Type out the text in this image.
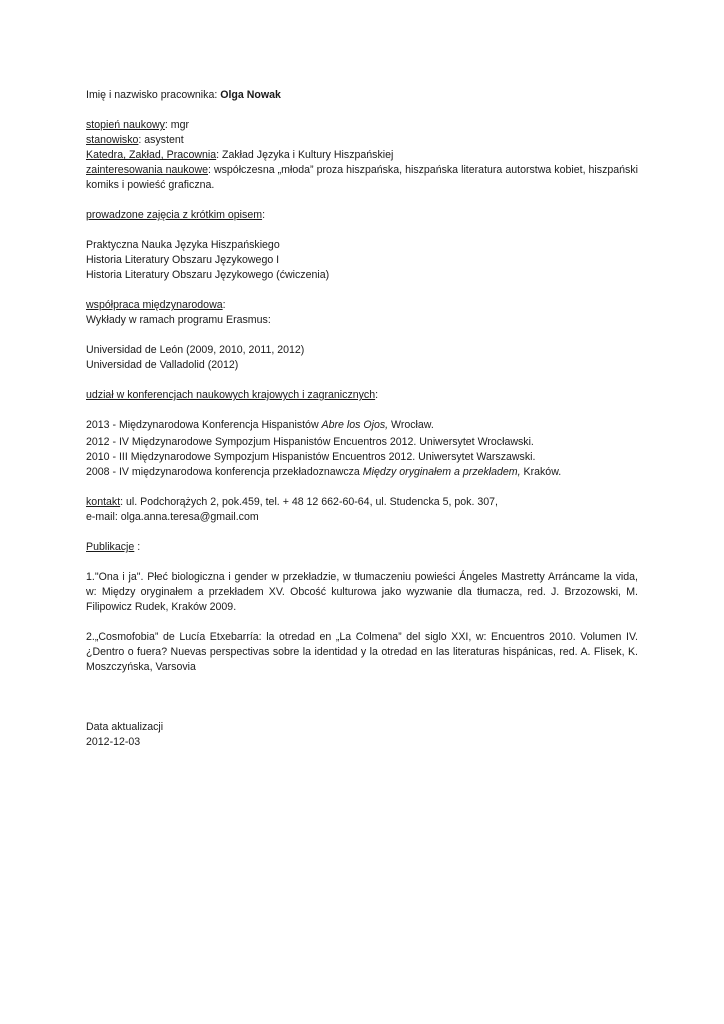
Imię i nazwisko pracownika: Olga Nowak

stopień naukowy: mgr

stanowisko: asystent

Katedra, Zakład, Pracownia: Zakład Języka i Kultury Hiszpańskiej

zainteresowania naukowe: współczesna „młoda” proza hiszpańska, hiszpańska literatura autorstwa kobiet, hiszpański komiks i powieść graficzna.

prowadzone zajęcia z krótkim opisem:

Praktyczna Nauka Języka Hiszpańskiego

Historia Literatury Obszaru Językowego I

Historia Literatury Obszaru Językowego (ćwiczenia)

współpraca międzynarodowa:

Wykłady w ramach programu Erasmus:

Universidad de León (2009, 2010, 2011, 2012)

Universidad de Valladolid (2012)

udział w konferencjach naukowych krajowych i zagranicznych:

2013 - Międzynarodowa Konferencja Hispanistów Abre los Ojos, Wrocław.

2012 - IV Międzynarodowe Sympozjum Hispanistów Encuentros 2012. Uniwersytet Wrocławski.

2010 - III Międzynarodowe Sympozjum Hispanistów Encuentros 2012. Uniwersytet Warszawski.

2008 - IV międzynarodowa konferencja przekładoznawcza Między oryginałem a przekładem, Kraków.

kontakt: ul. Podchorążych 2, pok.459, tel. + 48 12 662-60-64, ul. Studencka 5, pok. 307,

e-mail: olga.anna.teresa@gmail.com

Publikacje :

1."Ona i ja". Płeć biologiczna i gender w przekładzie, w tłumaczeniu powieści Ángeles Mastretty Arráncame la vida, w: Między oryginałem a przekładem XV. Obcość kulturowa jako wyzwanie dla tłumacza, red. J. Brzozowski, M. Filipowicz Rudek, Kraków 2009.

2.„Cosmofobia” de Lucía Etxebarría: la otredad en „La Colmena” del siglo XXI, w: Encuentros 2010. Volumen IV. ¿Dentro o fuera? Nuevas perspectivas sobre la identidad y la otredad en las literaturas hispánicas, red. A. Flisek, K. Moszczyńska, Varsovia

Data aktualizacji

2012-12-03
